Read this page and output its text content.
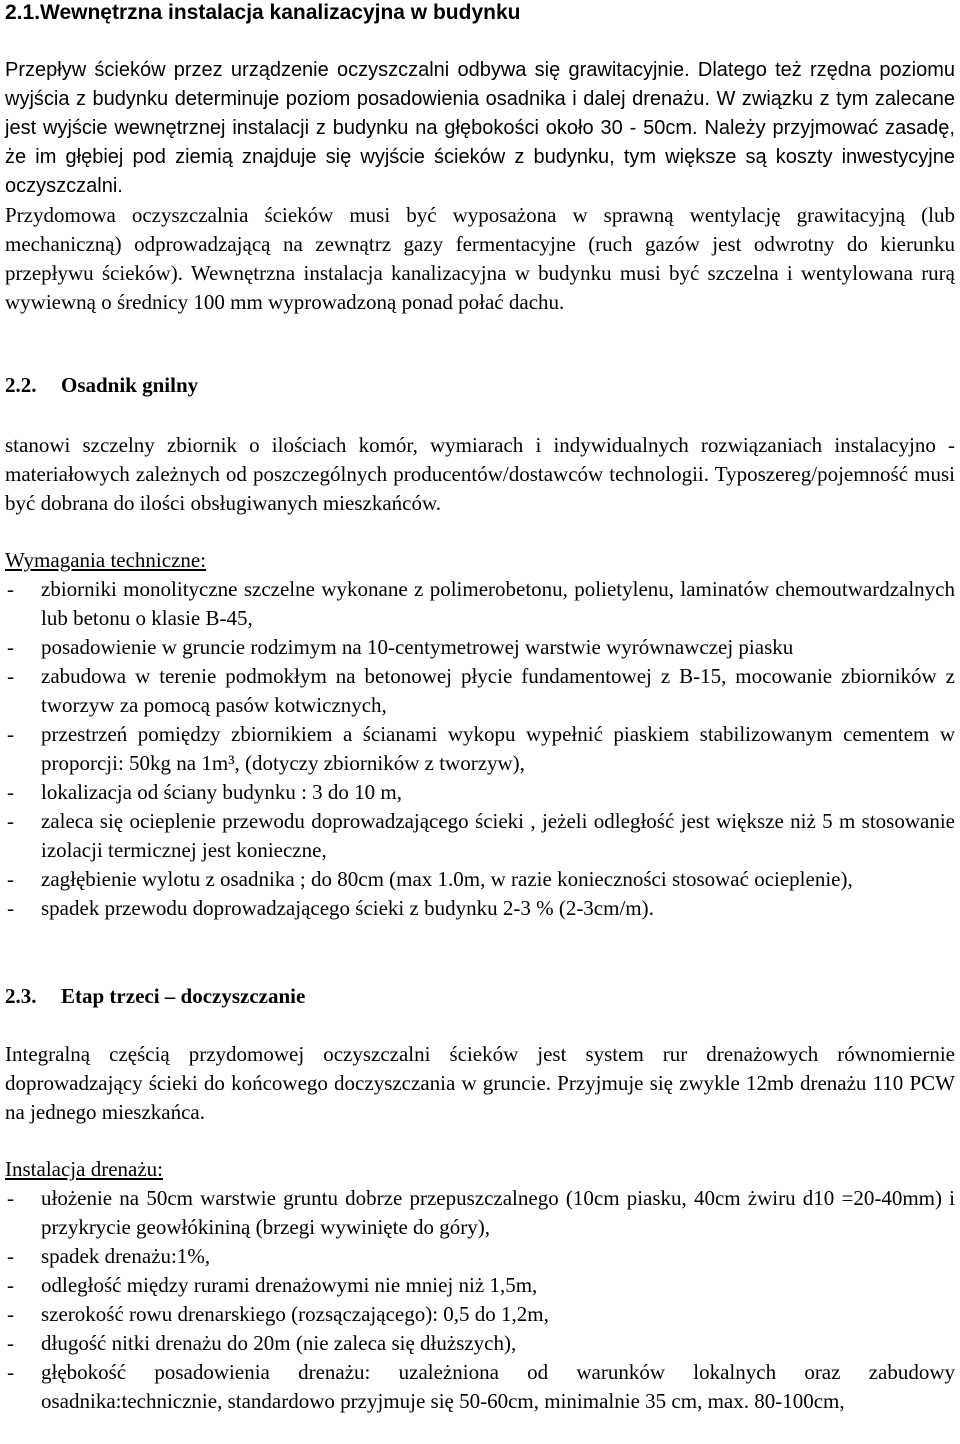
2.1.Wewnętrzna instalacja kanalizacyjna w budynku

Przepływ ścieków przez urządzenie oczyszczalni odbywa się grawitacyjnie. Dlatego też rzędna poziomu wyjścia z budynku determinuje poziom posadowienia osadnika i dalej drenażu. W związku z tym zalecane jest wyjście wewnętrznej instalacji z budynku na głębokości około 30 - 50cm. Należy przyjmować zasadę, że im głębiej pod ziemią znajduje się wyjście ścieków z budynku, tym większe są koszty inwestycyjne oczyszczalni.

Przydomowa oczyszczalnia ścieków musi być wyposażona w sprawną wentylację grawitacyjną (lub mechaniczną) odprowadzającą na zewnątrz gazy fermentacyjne (ruch gazów jest odwrotny do kierunku przepływu ścieków). Wewnętrzna instalacja kanalizacyjna w budynku musi być szczelna i wentylowana rurą wywiewną o średnicy 100 mm wyprowadzoną ponad połać dachu.

2.2. Osadnik gnilny

stanowi szczelny zbiornik o ilościach komór, wymiarach i indywidualnych rozwiązaniach instalacyjno - materiałowych zależnych od poszczególnych producentów/dostawców technologii. Typoszereg/pojemność musi być dobrana do ilości obsługiwanych mieszkańców.

Wymagania techniczne:

- zbiorniki monolityczne szczelne wykonane z polimerobetonu, polietylenu, laminatów chemoutwardzalnych lub betonu o klasie B-45,
- posadowienie w gruncie rodzimym na 10-centymetrowej warstwie wyrównawczej piasku
- zabudowa w terenie podmokłym na betonowej płycie fundamentowej z B-15, mocowanie zbiorników z tworzyw za pomocą pasów kotwicznych,
- przestrzeń pomiędzy zbiornikiem a ścianami wykopu wypełnić piaskiem stabilizowanym cementem w proporcji: 50kg na 1m³, (dotyczy zbiorników z tworzyw),
- lokalizacja od ściany budynku : 3 do 10 m,
- zaleca się ocieplenie przewodu doprowadzającego ścieki , jeżeli odległość jest większe niż 5 m stosowanie izolacji termicznej jest konieczne,
- zagłębienie wylotu z osadnika ; do 80cm (max 1.0m, w razie konieczności stosować ocieplenie),
- spadek przewodu doprowadzającego ścieki z budynku 2-3 % (2-3cm/m).

2.3. Etap trzeci – doczyszczanie

Integralną częścią przydomowej oczyszczalni ścieków jest system rur drenażowych równomiernie doprowadzający ścieki do końcowego doczyszczania w gruncie. Przyjmuje się zwykle 12mb drenażu 110 PCW na jednego mieszkańca.

Instalacja drenażu:

- ułożenie na 50cm warstwie gruntu dobrze przepuszczalnego (10cm piasku, 40cm żwiru d10 =20-40mm) i przykrycie geowłókininą (brzegi wywinięte do góry),
- spadek drenażu:1%,
- odległość między rurami drenażowymi nie mniej niż 1,5m,
- szerokość rowu drenarskiego (rozsączającego): 0,5 do 1,2m,
- długość nitki drenażu do 20m (nie zaleca się dłuższych),
- głębokość posadowienia drenażu: uzależniona od warunków lokalnych oraz zabudowy osadnika:technicznie, standardowo przyjmuje się 50-60cm, minimalnie 35 cm, max. 80-100cm,
